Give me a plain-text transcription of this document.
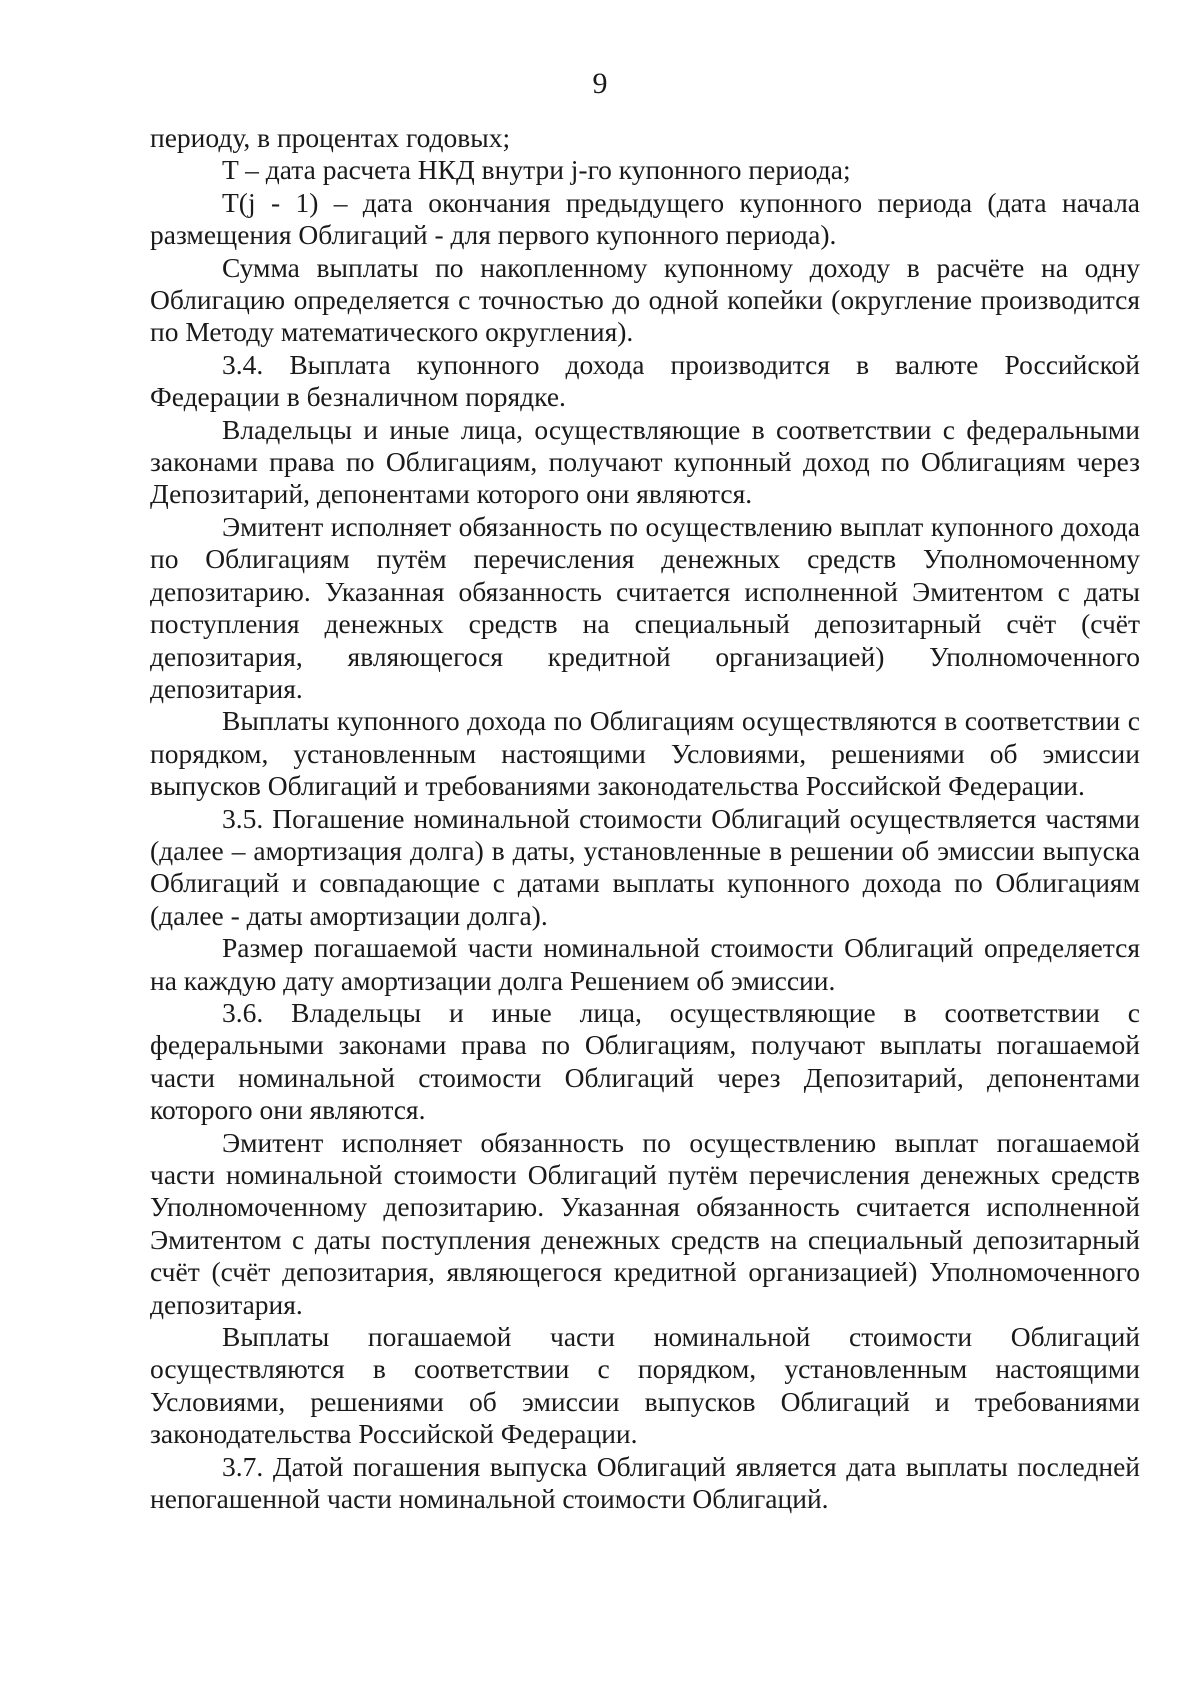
9

периоду, в процентах годовых;

T – дата расчета НКД внутри j-го купонного периода;

T(j - 1) – дата окончания предыдущего купонного периода (дата начала размещения Облигаций - для первого купонного периода).

Сумма выплаты по накопленному купонному доходу в расчёте на одну Облигацию определяется с точностью до одной копейки (округление производится по Методу математического округления).

3.4. Выплата купонного дохода производится в валюте Российской Федерации в безналичном порядке.

Владельцы и иные лица, осуществляющие в соответствии с федеральными законами права по Облигациям, получают купонный доход по Облигациям через Депозитарий, депонентами которого они являются.

Эмитент исполняет обязанность по осуществлению выплат купонного дохода по Облигациям путём перечисления денежных средств Уполномоченному депозитарию. Указанная обязанность считается исполненной Эмитентом с даты поступления денежных средств на специальный депозитарный счёт (счёт депозитария, являющегося кредитной организацией) Уполномоченного депозитария.

Выплаты купонного дохода по Облигациям осуществляются в соответствии с порядком, установленным настоящими Условиями, решениями об эмиссии выпусков Облигаций и требованиями законодательства Российской Федерации.

3.5. Погашение номинальной стоимости Облигаций осуществляется частями (далее – амортизация долга) в даты, установленные в решении об эмиссии выпуска Облигаций и совпадающие с датами выплаты купонного дохода по Облигациям (далее - даты амортизации долга).

Размер погашаемой части номинальной стоимости Облигаций определяется на каждую дату амортизации долга Решением об эмиссии.

3.6. Владельцы и иные лица, осуществляющие в соответствии с федеральными законами права по Облигациям, получают выплаты погашаемой части номинальной стоимости Облигаций через Депозитарий, депонентами которого они являются.

Эмитент исполняет обязанность по осуществлению выплат погашаемой части номинальной стоимости Облигаций путём перечисления денежных средств Уполномоченному депозитарию. Указанная обязанность считается исполненной Эмитентом с даты поступления денежных средств на специальный депозитарный счёт (счёт депозитария, являющегося кредитной организацией) Уполномоченного депозитария.

Выплаты погашаемой части номинальной стоимости Облигаций осуществляются в соответствии с порядком, установленным настоящими Условиями, решениями об эмиссии выпусков Облигаций и требованиями законодательства Российской Федерации.

3.7. Датой погашения выпуска Облигаций является дата выплаты последней непогашенной части номинальной стоимости Облигаций.
